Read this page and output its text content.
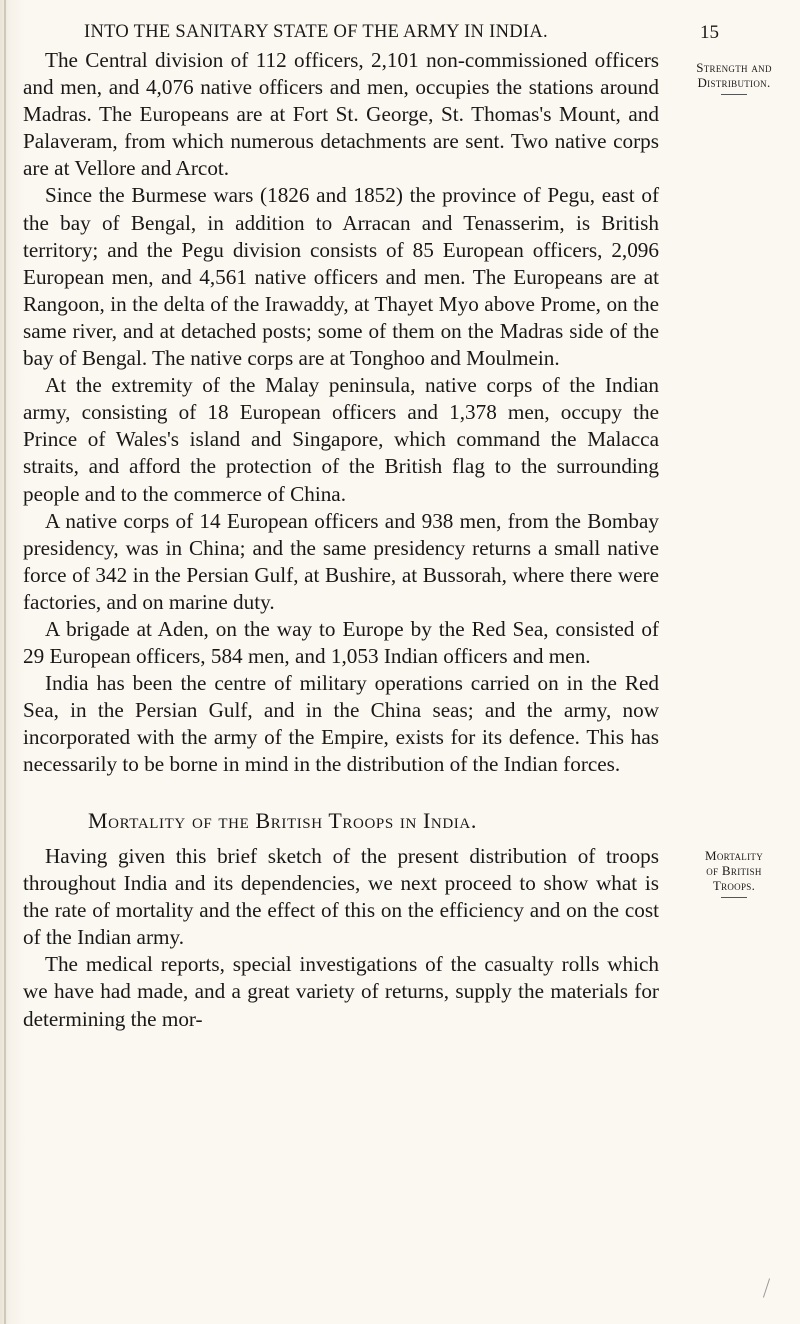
INTO THE SANITARY STATE OF THE ARMY IN INDIA.	15
Strength and
Distribution.

The Central division of 112 officers, 2,101 non-commissioned officers and men, and 4,076 native officers and men, occupies the stations around Madras. The Europeans are at Fort St. George, St. Thomas's Mount, and Palaveram, from which numerous detachments are sent. Two native corps are at Vellore and Arcot.

Since the Burmese wars (1826 and 1852) the province of Pegu, east of the bay of Bengal, in addition to Arracan and Tenasserim, is British territory; and the Pegu division consists of 85 European officers, 2,096 European men, and 4,561 native officers and men. The Europeans are at Rangoon, in the delta of the Irawaddy, at Thayet Myo above Prome, on the same river, and at detached posts; some of them on the Madras side of the bay of Bengal. The native corps are at Tonghoo and Moulmein.

At the extremity of the Malay peninsula, native corps of the Indian army, consisting of 18 European officers and 1,378 men, occupy the Prince of Wales's island and Singapore, which command the Malacca straits, and afford the protection of the British flag to the surrounding people and to the commerce of China.

A native corps of 14 European officers and 938 men, from the Bombay presidency, was in China; and the same presidency returns a small native force of 342 in the Persian Gulf, at Bushire, at Bussorah, where there were factories, and on marine duty.

A brigade at Aden, on the way to Europe by the Red Sea, consisted of 29 European officers, 584 men, and 1,053 Indian officers and men.

India has been the centre of military operations carried on in the Red Sea, in the Persian Gulf, and in the China seas; and the army, now incorporated with the army of the Empire, exists for its defence. This has necessarily to be borne in mind in the distribution of the Indian forces.

Mortality of the British Troops in India.
Mortality
of British
Troops.

Having given this brief sketch of the present distribution of troops throughout India and its dependencies, we next proceed to show what is the rate of mortality and the effect of this on the efficiency and on the cost of the Indian army.

The medical reports, special investigations of the casualty rolls which we have had made, and a great variety of returns, supply the materials for determining the mor-
